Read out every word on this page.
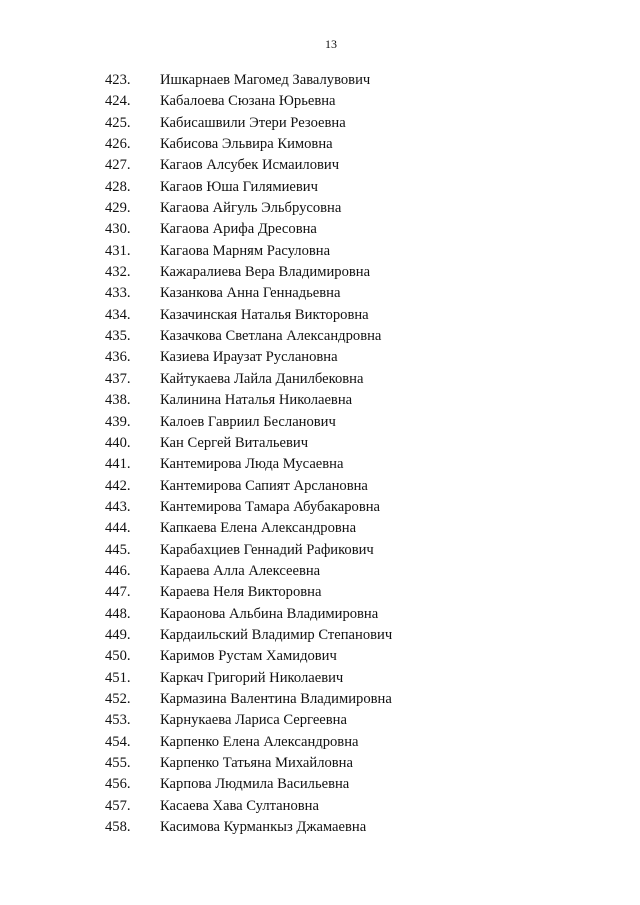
13
423. Ишкарнаев Магомед Завалувович
424. Кабалоева Сюзана Юрьевна
425. Кабисашвили Этери Резоевна
426. Кабисова Эльвира Кимовна
427. Кагаов Алсубек Исмаилович
428. Кагаов Юша Гилямиевич
429. Кагаова Айгуль Эльбрусовна
430. Кагаова Арифа Дресовна
431. Кагаова Марням Расуловна
432. Кажаралиева Вера Владимировна
433. Казанкова Анна Геннадьевна
434. Казачинская Наталья Викторовна
435. Казачкова Светлана Александровна
436. Казиева Ираузат Руслановна
437. Кайтукаева Лайла Данилбековна
438. Калинина Наталья Николаевна
439. Калоев Гавриил Бесланович
440. Кан Сергей Витальевич
441. Кантемирова Люда Мусаевна
442. Кантемирова Сапият Арслановна
443. Кантемирова Тамара Абубакаровна
444. Капкаева Елена Александровна
445. Карабахциев Геннадий Рафикович
446. Караева Алла Алексеевна
447. Караева Неля Викторовна
448. Караонова Альбина Владимировна
449. Кардаильский Владимир Степанович
450. Каримов Рустам Хамидович
451. Каркач Григорий Николаевич
452. Кармазина Валентина Владимировна
453. Карнукаева Лариса Сергеевна
454. Карпенко Елена Александровна
455. Карпенко Татьяна Михайловна
456. Карпова Людмила Васильевна
457. Касаева Хава Султановна
458. Касимова Курманкыз Джамаевна
